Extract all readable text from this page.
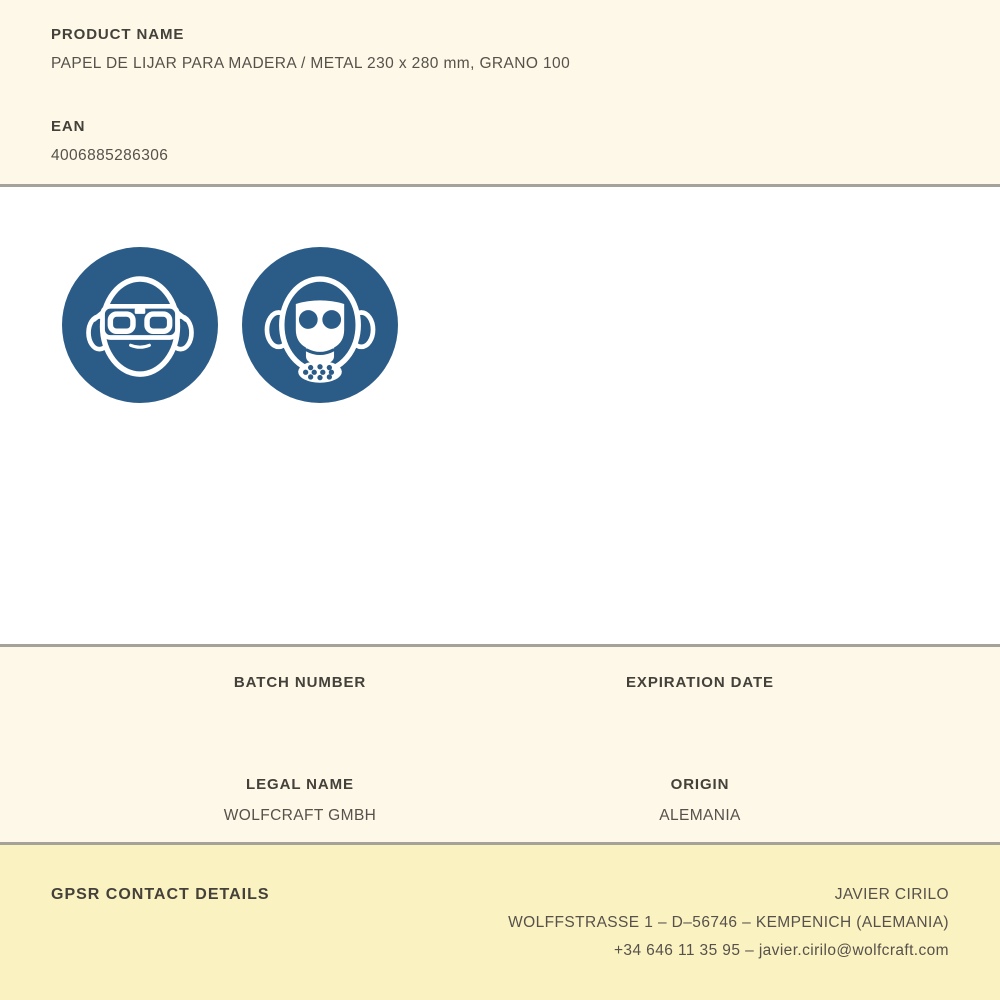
PRODUCT NAME
PAPEL DE LIJAR PARA MADERA / METAL 230 x 280 mm, GRANO 100
EAN
4006885286306
BATCH NUMBER	EXPIRATION DATE
LEGAL NAME
WOLFCRAFT GMBH
ORIGIN
ALEMANIA
GPSR CONTACT DETAILS	JAVIER CIRILO
WOLFFSTRASSE 1 – D–56746 – KEMPENICH (ALEMANIA)
+34 646 11 35 95 – javier.cirilo@wolfcraft.com
